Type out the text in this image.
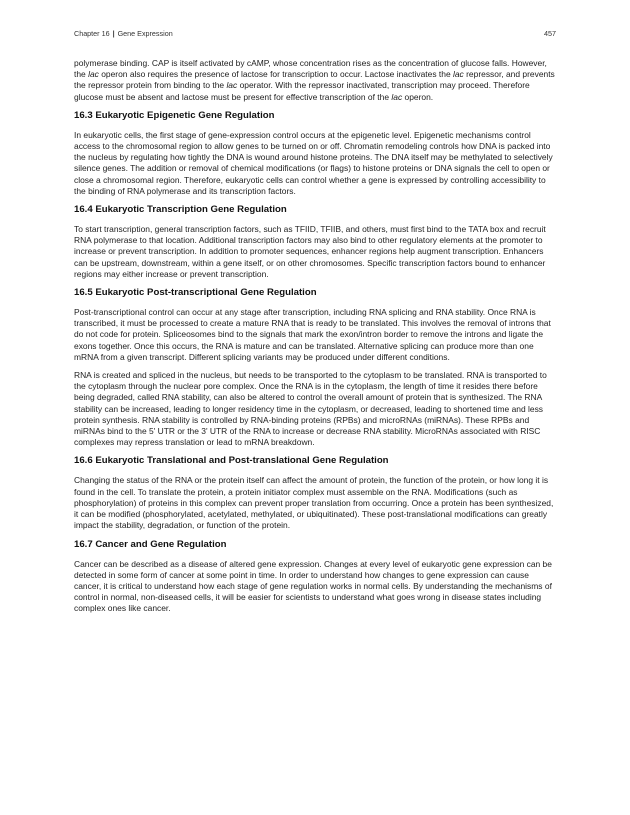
Chapter 16 | Gene Expression	457

polymerase binding. CAP is itself activated by cAMP, whose concentration rises as the concentration of glucose falls. However, the lac operon also requires the presence of lactose for transcription to occur. Lactose inactivates the lac repressor, and prevents the repressor protein from binding to the lac operator. With the repressor inactivated, transcription may proceed. Therefore glucose must be absent and lactose must be present for effective transcription of the lac operon.

16.3 Eukaryotic Epigenetic Gene Regulation

In eukaryotic cells, the first stage of gene-expression control occurs at the epigenetic level. Epigenetic mechanisms control access to the chromosomal region to allow genes to be turned on or off. Chromatin remodeling controls how DNA is packed into the nucleus by regulating how tightly the DNA is wound around histone proteins. The DNA itself may be methylated to selectively silence genes. The addition or removal of chemical modifications (or flags) to histone proteins or DNA signals the cell to open or close a chromosomal region. Therefore, eukaryotic cells can control whether a gene is expressed by controlling accessibility to the binding of RNA polymerase and its transcription factors.

16.4 Eukaryotic Transcription Gene Regulation

To start transcription, general transcription factors, such as TFIID, TFIIB, and others, must first bind to the TATA box and recruit RNA polymerase to that location. Additional transcription factors may also bind to other regulatory elements at the promoter to increase or prevent transcription. In addition to promoter sequences, enhancer regions help augment transcription. Enhancers can be upstream, downstream, within a gene itself, or on other chromosomes. Specific transcription factors bound to enhancer regions may either increase or prevent transcription.

16.5 Eukaryotic Post-transcriptional Gene Regulation

Post-transcriptional control can occur at any stage after transcription, including RNA splicing and RNA stability. Once RNA is transcribed, it must be processed to create a mature RNA that is ready to be translated. This involves the removal of introns that do not code for protein. Spliceosomes bind to the signals that mark the exon/intron border to remove the introns and ligate the exons together. Once this occurs, the RNA is mature and can be translated. Alternative splicing can produce more than one mRNA from a given transcript. Different splicing variants may be produced under different conditions.

RNA is created and spliced in the nucleus, but needs to be transported to the cytoplasm to be translated. RNA is transported to the cytoplasm through the nuclear pore complex. Once the RNA is in the cytoplasm, the length of time it resides there before being degraded, called RNA stability, can also be altered to control the overall amount of protein that is synthesized. The RNA stability can be increased, leading to longer residency time in the cytoplasm, or decreased, leading to shortened time and less protein synthesis. RNA stability is controlled by RNA-binding proteins (RPBs) and microRNAs (miRNAs). These RPBs and miRNAs bind to the 5' UTR or the 3' UTR of the RNA to increase or decrease RNA stability. MicroRNAs associated with RISC complexes may repress translation or lead to mRNA breakdown.

16.6 Eukaryotic Translational and Post-translational Gene Regulation

Changing the status of the RNA or the protein itself can affect the amount of protein, the function of the protein, or how long it is found in the cell. To translate the protein, a protein initiator complex must assemble on the RNA. Modifications (such as phosphorylation) of proteins in this complex can prevent proper translation from occurring. Once a protein has been synthesized, it can be modified (phosphorylated, acetylated, methylated, or ubiquitinated). These post-translational modifications can greatly impact the stability, degradation, or function of the protein.

16.7 Cancer and Gene Regulation

Cancer can be described as a disease of altered gene expression. Changes at every level of eukaryotic gene expression can be detected in some form of cancer at some point in time. In order to understand how changes to gene expression can cause cancer, it is critical to understand how each stage of gene regulation works in normal cells. By understanding the mechanisms of control in normal, non-diseased cells, it will be easier for scientists to understand what goes wrong in disease states including complex ones like cancer.
